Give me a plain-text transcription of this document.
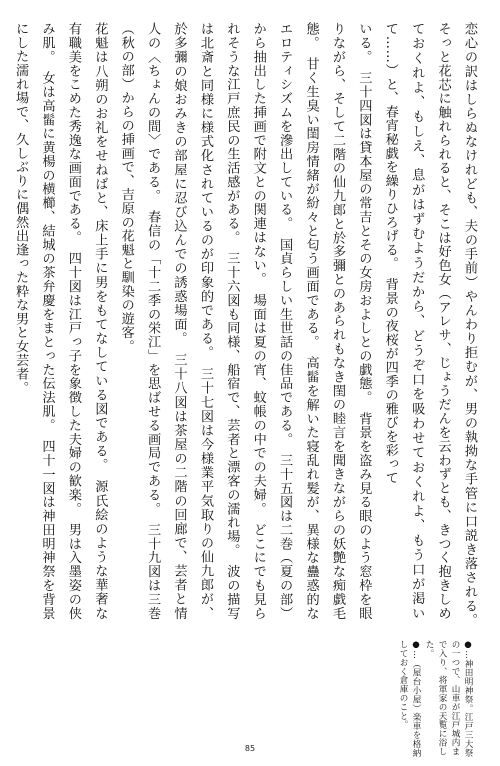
恋心の訳はしらぬなけれども、夫の手前）やんわり拒むが、男の執拗な手管に口説き落される。　そっと花芯に触れられると、そこは好色女（アレサ、じょうだんを云わずとも、きつく抱きしめておくれよ、もしえ、息がはずむようだから、どうぞ口を吸わせておくれよ、もう口が渇いて……）と、春宵秘戯を繰りひろげる。　背景の夜桜が四季の雅びを彩って

いる。　三十四図は貸本屋の常吉とその女房およしとの戯態。　背景を盗み見る眼のよう窓枠を眼りながら、そして二階の仙九郎と於多彌とのあられもなき閨の睦言を聞きながらの妖艶な痴戯毛態。　甘く生臭い閨房情緒が紛々と匂う画面である。　高髷を解いた寝乱れ髪が、異様な蠱惑的なエロティシズムを滲出している。　国貞らしい生世話の佳品である。　三十五図は二巻（夏の部）から抽出した挿画で附文との関連はない。　場面は夏の宵、蚊帳の中での夫婦。　どこにでも見られそうな江戸庶民の生活感がある。　三十六図も同様、船宿で、芸者と漂客の濡れ場。　波の描写は北斎と同様に様式化されているのが印象的である。　三十七図は今様業平気取りの仙九郎が、於多彌の娘おみきの部屋に忍び込んでの誘惑場面。　三十八図は茶屋の二階の回廊で、芸者と情人の〈ちょんの間〉である。　春信の「十二季の栄江」を思ばせる画局である。　三十九図は三巻（秋の部）からの挿画で、吉原の花魁と馴染の遊客。

花魁は八朔のお礼をせねばと、床上手に男をもてなしている図である。　源氏絵のような華奢な有職美をこめた秀逸な画面である。　四十図は江戸っ子を象徴した夫婦の歓楽。　男は入墨姿の侠み肌。　女は高髷に黄楊の横櫛、結城の茶弁慶をまとった伝法肌。　四十一図は神田明神祭を背景にした濡れ場で、久しぶりに偶然出逢った粋な男と女芸者。

●…神田明神祭。江戸三大祭の一つで、山車が江戸城内まで入り、将軍家の天覧に浴した。

●…（屋台小屋）楽車を格納しておく倉庫のこと。

85
